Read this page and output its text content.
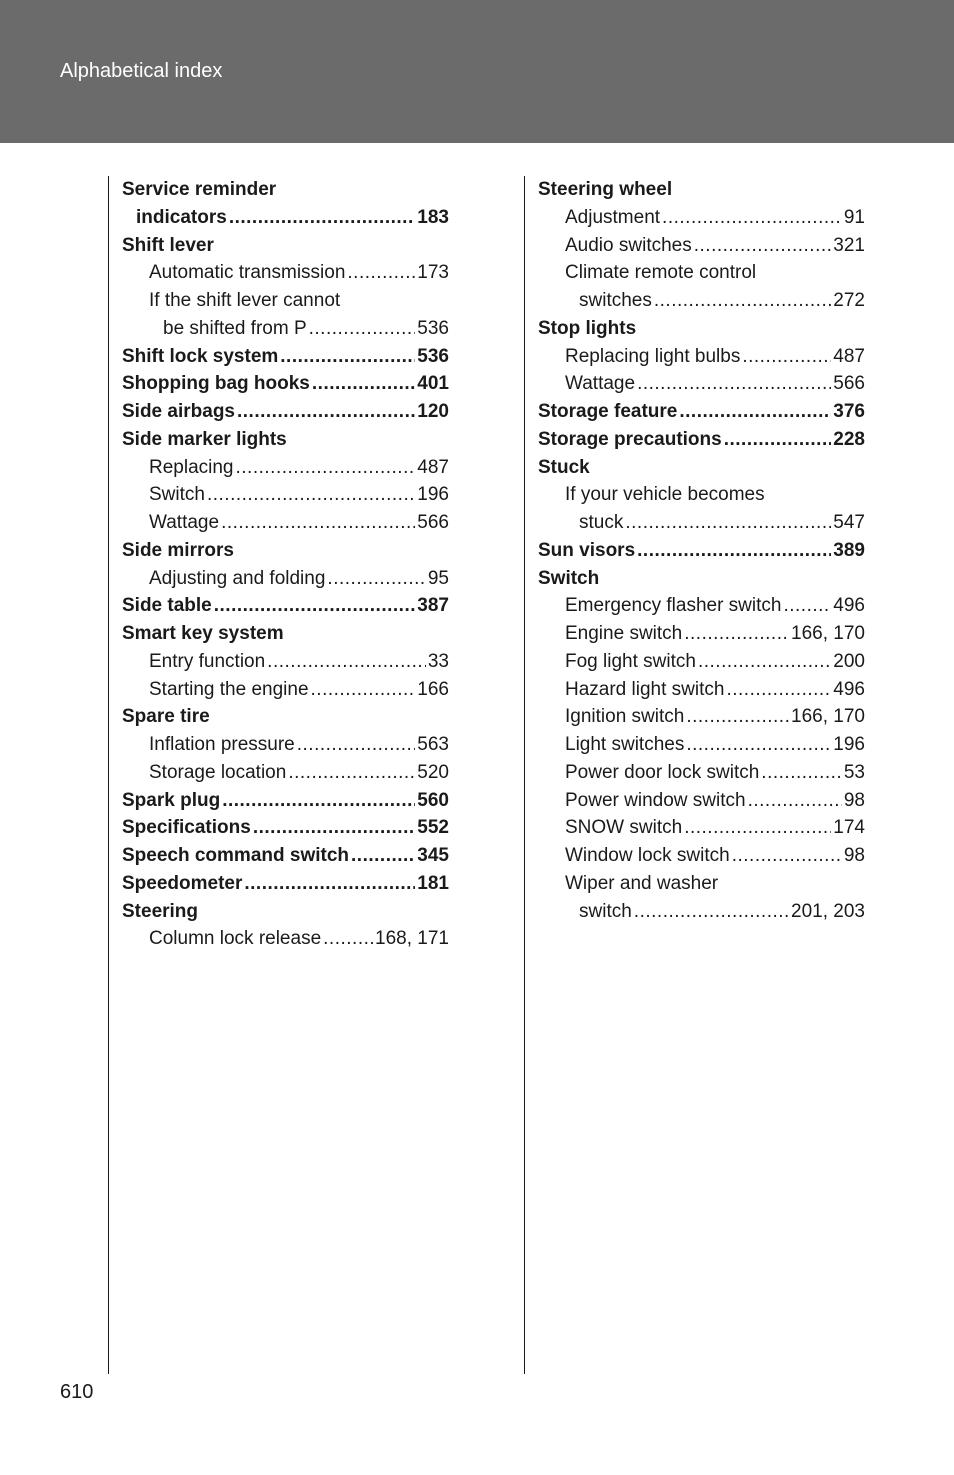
Alphabetical index
Service reminder
indicators .....	183
Shift lever
Automatic transmission .....	173
If the shift lever cannot
be shifted from P .....	536
Shift lock system .....	536
Shopping bag hooks .....	401
Side airbags .....	120
Side marker lights
Replacing .....	487
Switch .....	196
Wattage .....	566
Side mirrors
Adjusting and folding .....	95
Side table .....	387
Smart key system
Entry function .....	33
Starting the engine .....	166
Spare tire
Inflation pressure .....	563
Storage location .....	520
Spark plug .....	560
Specifications .....	552
Speech command switch .....	345
Speedometer .....	181
Steering
Column lock release .....	168, 171
Steering wheel
Adjustment .....	91
Audio switches .....	321
Climate remote control
switches .....	272
Stop lights
Replacing light bulbs .....	487
Wattage .....	566
Storage feature .....	376
Storage precautions .....	228
Stuck
If your vehicle becomes
stuck .....	547
Sun visors .....	389
Switch
Emergency flasher switch .....	496
Engine switch .....	166, 170
Fog light switch .....	200
Hazard light switch .....	496
Ignition switch .....	166, 170
Light switches .....	196
Power door lock switch .....	53
Power window switch .....	98
SNOW switch .....	174
Window lock switch .....	98
Wiper and washer
switch .....	201, 203
610
